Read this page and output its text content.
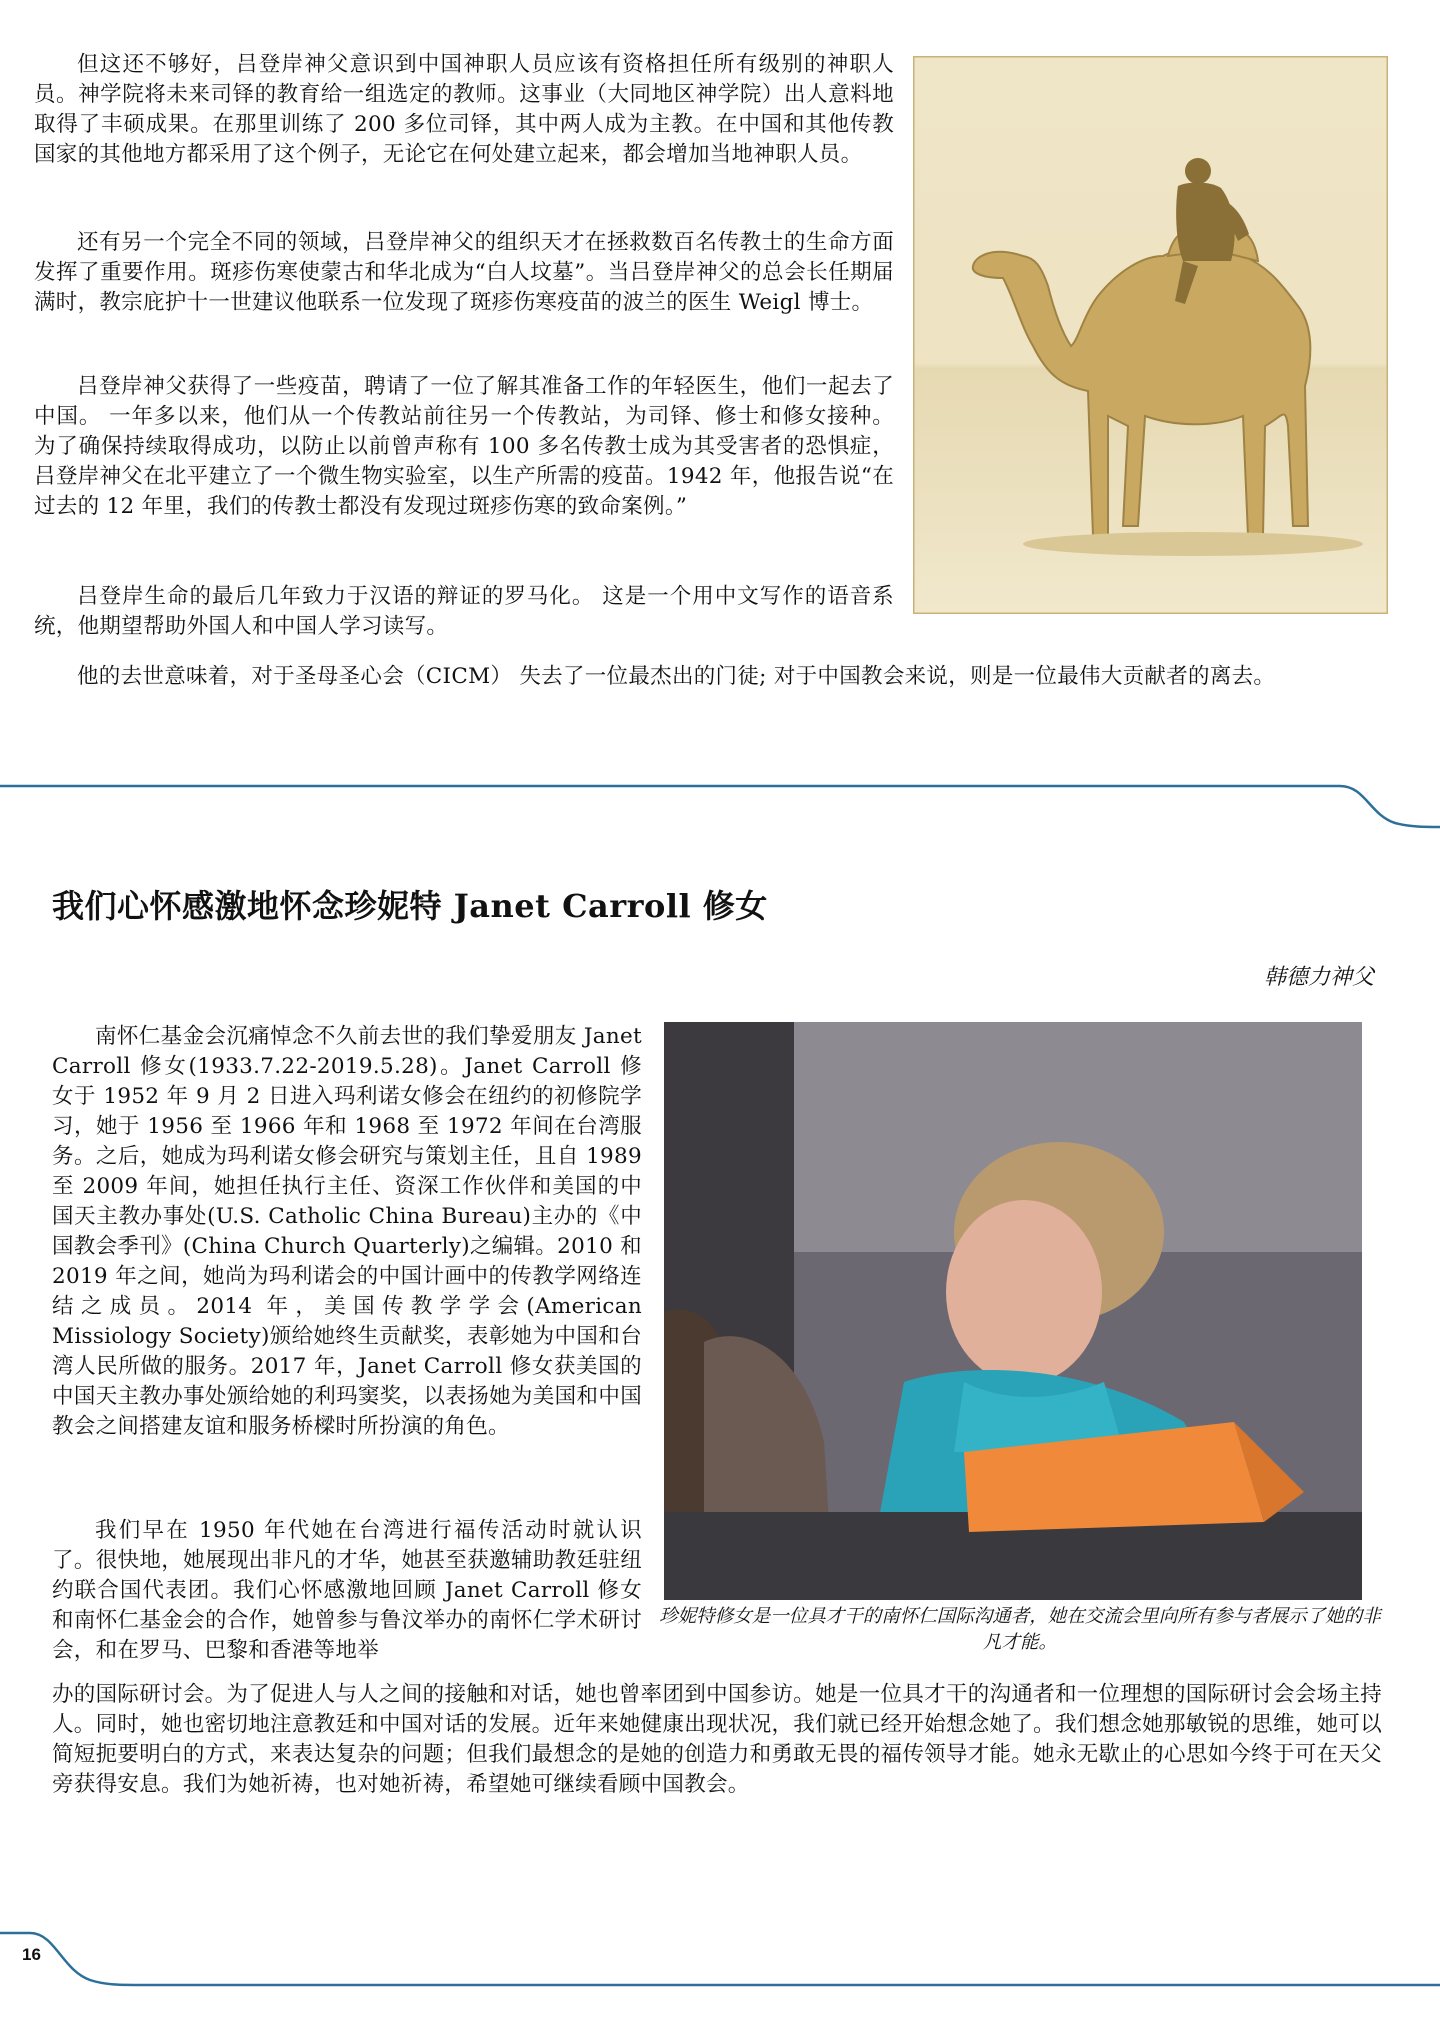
但这还不够好，吕登岸神父意识到中国神职人员应该有资格担任所有级别的神职人员。神学院将未来司铎的教育给一组选定的教师。这事业（大同地区神学院）出人意料地取得了丰硕成果。在那里训练了 200 多位司铎，其中两人成为主教。在中国和其他传教国家的其他地方都采用了这个例子，无论它在何处建立起来，都会增加当地神职人员。

还有另一个完全不同的领域，吕登岸神父的组织天才在拯救数百名传教士的生命方面发挥了重要作用。斑疹伤寒使蒙古和华北成为“白人坟墓”。当吕登岸神父的总会长任期届满时，教宗庇护十一世建议他联系一位发现了斑疹伤寒疫苗的波兰的医生 Weigl 博士。

吕登岸神父获得了一些疫苗，聘请了一位了解其准备工作的年轻医生，他们一起去了中国。 一年多以来，他们从一个传教站前往另一个传教站，为司铎、修士和修女接种。 为了确保持续取得成功，以防止以前曾声称有 100 多名传教士成为其受害者的恐惧症，吕登岸神父在北平建立了一个微生物实验室，以生产所需的疫苗。1942 年，他报告说“在过去的 12 年里，我们的传教士都没有发现过斑疹伤寒的致命案例。”

吕登岸生命的最后几年致力于汉语的辩证的罗马化。 这是一个用中文写作的语音系统，他期望帮助外国人和中国人学习读写。

他的去世意味着，对于圣母圣心会（CICM） 失去了一位最杰出的门徒; 对于中国教会来说，则是一位最伟大贡献者的离去。

我们心怀感激地怀念珍妮特 Janet Carroll 修女
韩德力神父

南怀仁基金会沉痛悼念不久前去世的我们挚爱朋友 Janet Carroll 修女(1933.7.22-2019.5.28)。Janet Carroll 修女于 1952 年 9 月 2 日进入玛利诺女修会在纽约的初修院学习，她于 1956 至 1966 年和 1968 至 1972 年间在台湾服务。之后，她成为玛利诺女修会研究与策划主任，且自 1989 至 2009 年间，她担任执行主任、资深工作伙伴和美国的中国天主教办事处(U.S. Catholic China Bureau)主办的《中国教会季刊》(China Church Quarterly)之编辑。2010 和 2019 年之间，她尚为玛利诺会的中国计画中的传教学网络连结之成员。2014 年，美国传教学学会(American Missiology Society)颁给她终生贡献奖，表彰她为中国和台湾人民所做的服务。2017 年，Janet Carroll 修女获美国的中国天主教办事处颁给她的利玛窦奖，以表扬她为美国和中国教会之间搭建友谊和服务桥樑时所扮演的角色。

我们早在 1950 年代她在台湾进行福传活动时就认识了。很快地，她展现出非凡的才华，她甚至获邀辅助教廷驻纽约联合国代表团。我们心怀感激地回顾 Janet Carroll 修女和南怀仁基金会的合作，她曾参与鲁汶举办的南怀仁学术研讨会，和在罗马、巴黎和香港等地举

办的国际研讨会。为了促进人与人之间的接触和对话，她也曾率团到中国参访。她是一位具才干的沟通者和一位理想的国际研讨会会场主持人。同时，她也密切地注意教廷和中国对话的发展。近年来她健康出现状况，我们就已经开始想念她了。我们想念她那敏锐的思维，她可以简短扼要明白的方式，来表达复杂的问题；但我们最想念的是她的创造力和勇敢无畏的福传领导才能。她永无歇止的心思如今终于可在天父旁获得安息。我们为她祈祷，也对她祈祷，希望她可继续看顾中国教会。

珍妮特修女是一位具才干的南怀仁国际沟通者，她在交流会里向所有参与者展示了她的非凡才能。
16
